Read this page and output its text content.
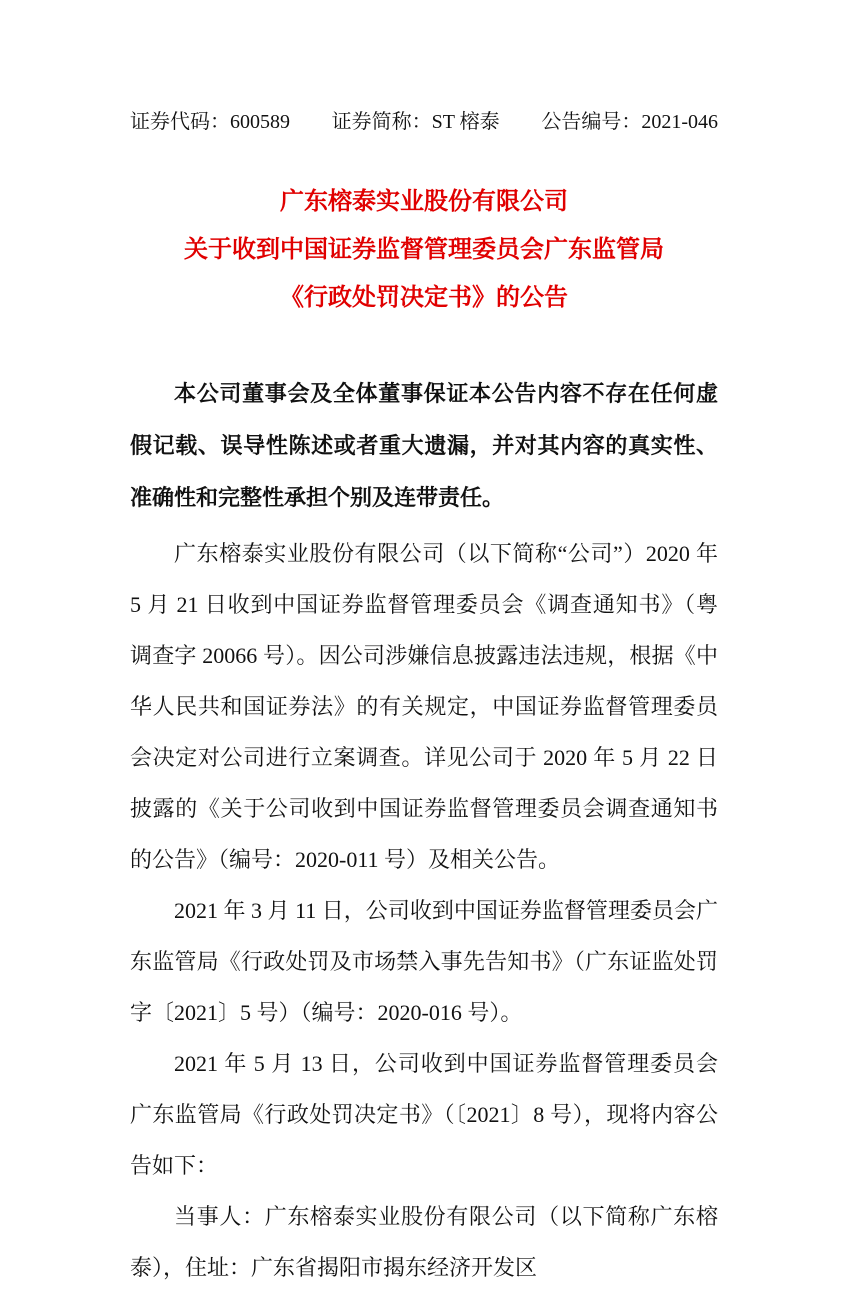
证券代码：600589 证券简称：ST 榕泰 公告编号：2021-046
广东榕泰实业股份有限公司
关于收到中国证券监督管理委员会广东监管局
《行政处罚决定书》的公告

本公司董事会及全体董事保证本公告内容不存在任何虚假记载、误导性陈述或者重大遗漏，并对其内容的真实性、准确性和完整性承担个别及连带责任。

广东榕泰实业股份有限公司（以下简称“公司”）2020 年 5 月 21 日收到中国证券监督管理委员会《调查通知书》（粤调查字 20066 号）。因公司涉嫌信息披露违法违规，根据《中华人民共和国证券法》的有关规定，中国证券监督管理委员会决定对公司进行立案调查。详见公司于 2020 年 5 月 22 日披露的《关于公司收到中国证券监督管理委员会调查通知书的公告》（编号：2020-011 号）及相关公告。

2021 年 3 月 11 日，公司收到中国证券监督管理委员会广东监管局《行政处罚及市场禁入事先告知书》（广东证监处罚字〔2021〕5 号）（编号：2020-016 号）。

2021 年 5 月 13 日，公司收到中国证券监督管理委员会广东监管局《行政处罚决定书》（〔2021〕8 号），现将内容公告如下：

当事人：广东榕泰实业股份有限公司（以下简称广东榕泰），住址：广东省揭阳市揭东经济开发区
